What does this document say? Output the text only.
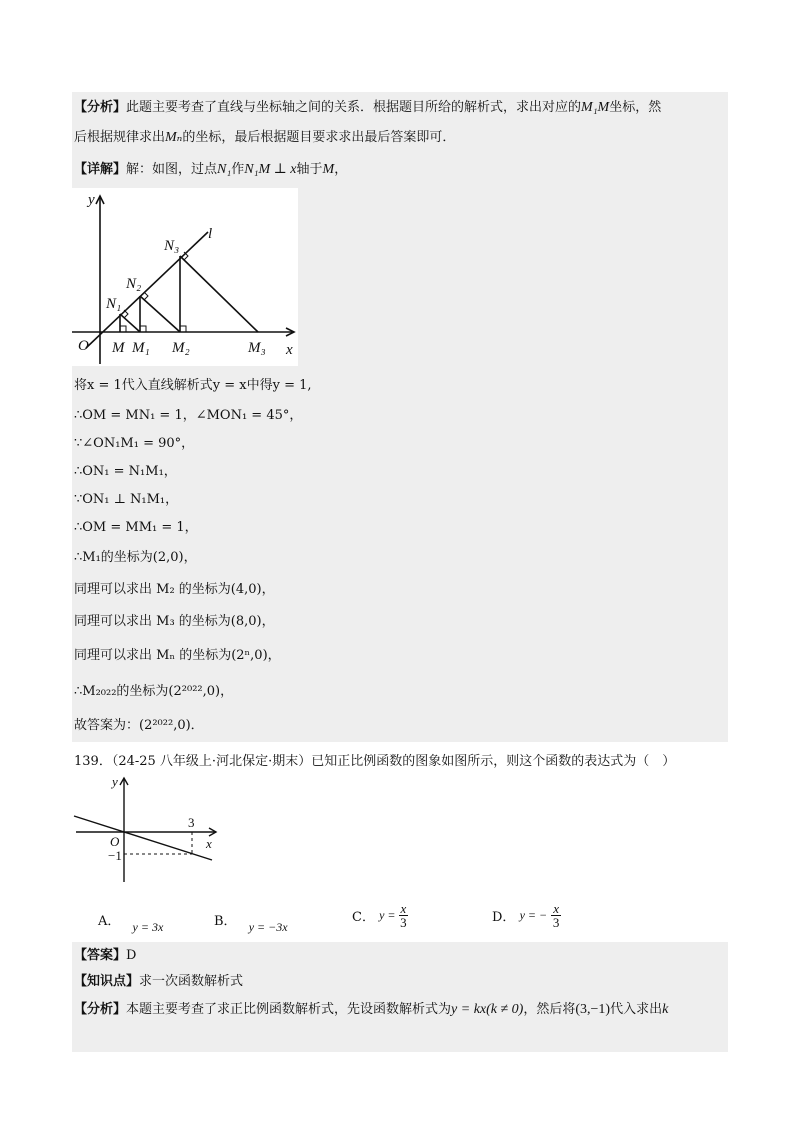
【分析】此题主要考查了直线与坐标轴之间的关系．根据题目所给的解析式，求出对应的M₁M坐标，然
后根据规律求出Mₙ的坐标，最后根据题目要求求出最后答案即可．
【详解】解：如图，过点N₁作N₁M ⊥ x轴于M，
y
x
O
l
N₁
N₂
N₃
M M₁ M₂	M₃
将x = 1代入直线解析式y = x中得y = 1,
∴OM = MN₁ = 1，∠MON₁ = 45°，
∵∠ON₁M₁ = 90°，
∴ON₁ = N₁M₁，
∵ON₁ ⊥ N₁M₁，
∴OM = MM₁ = 1，
∴M₁的坐标为(2,0)，
同理可以求出 M₂ 的坐标为(4,0)，
同理可以求出 M₃ 的坐标为(8,0)，
同理可以求出 Mₙ 的坐标为(2ⁿ,0)，
∴M₂₀₂₂的坐标为(2²⁰²²,0)，
故答案为：(2²⁰²²,0)．
139．（24-25 八年级上·河北保定·期末）已知正比例函数的图象如图所示，则这个函数的表达式为（　）
y
x
O
3
−1
A． y = 3x	B． y = −3x
C． $y = \frac{x}{3}$	D． y = − $\frac{x}{3}$
【答案】D
【知识点】求一次函数解析式
【分析】本题主要考查了求正比例函数解析式，先设函数解析式为y = kx(k ≠ 0)，然后将(3,−1)代入求出k
